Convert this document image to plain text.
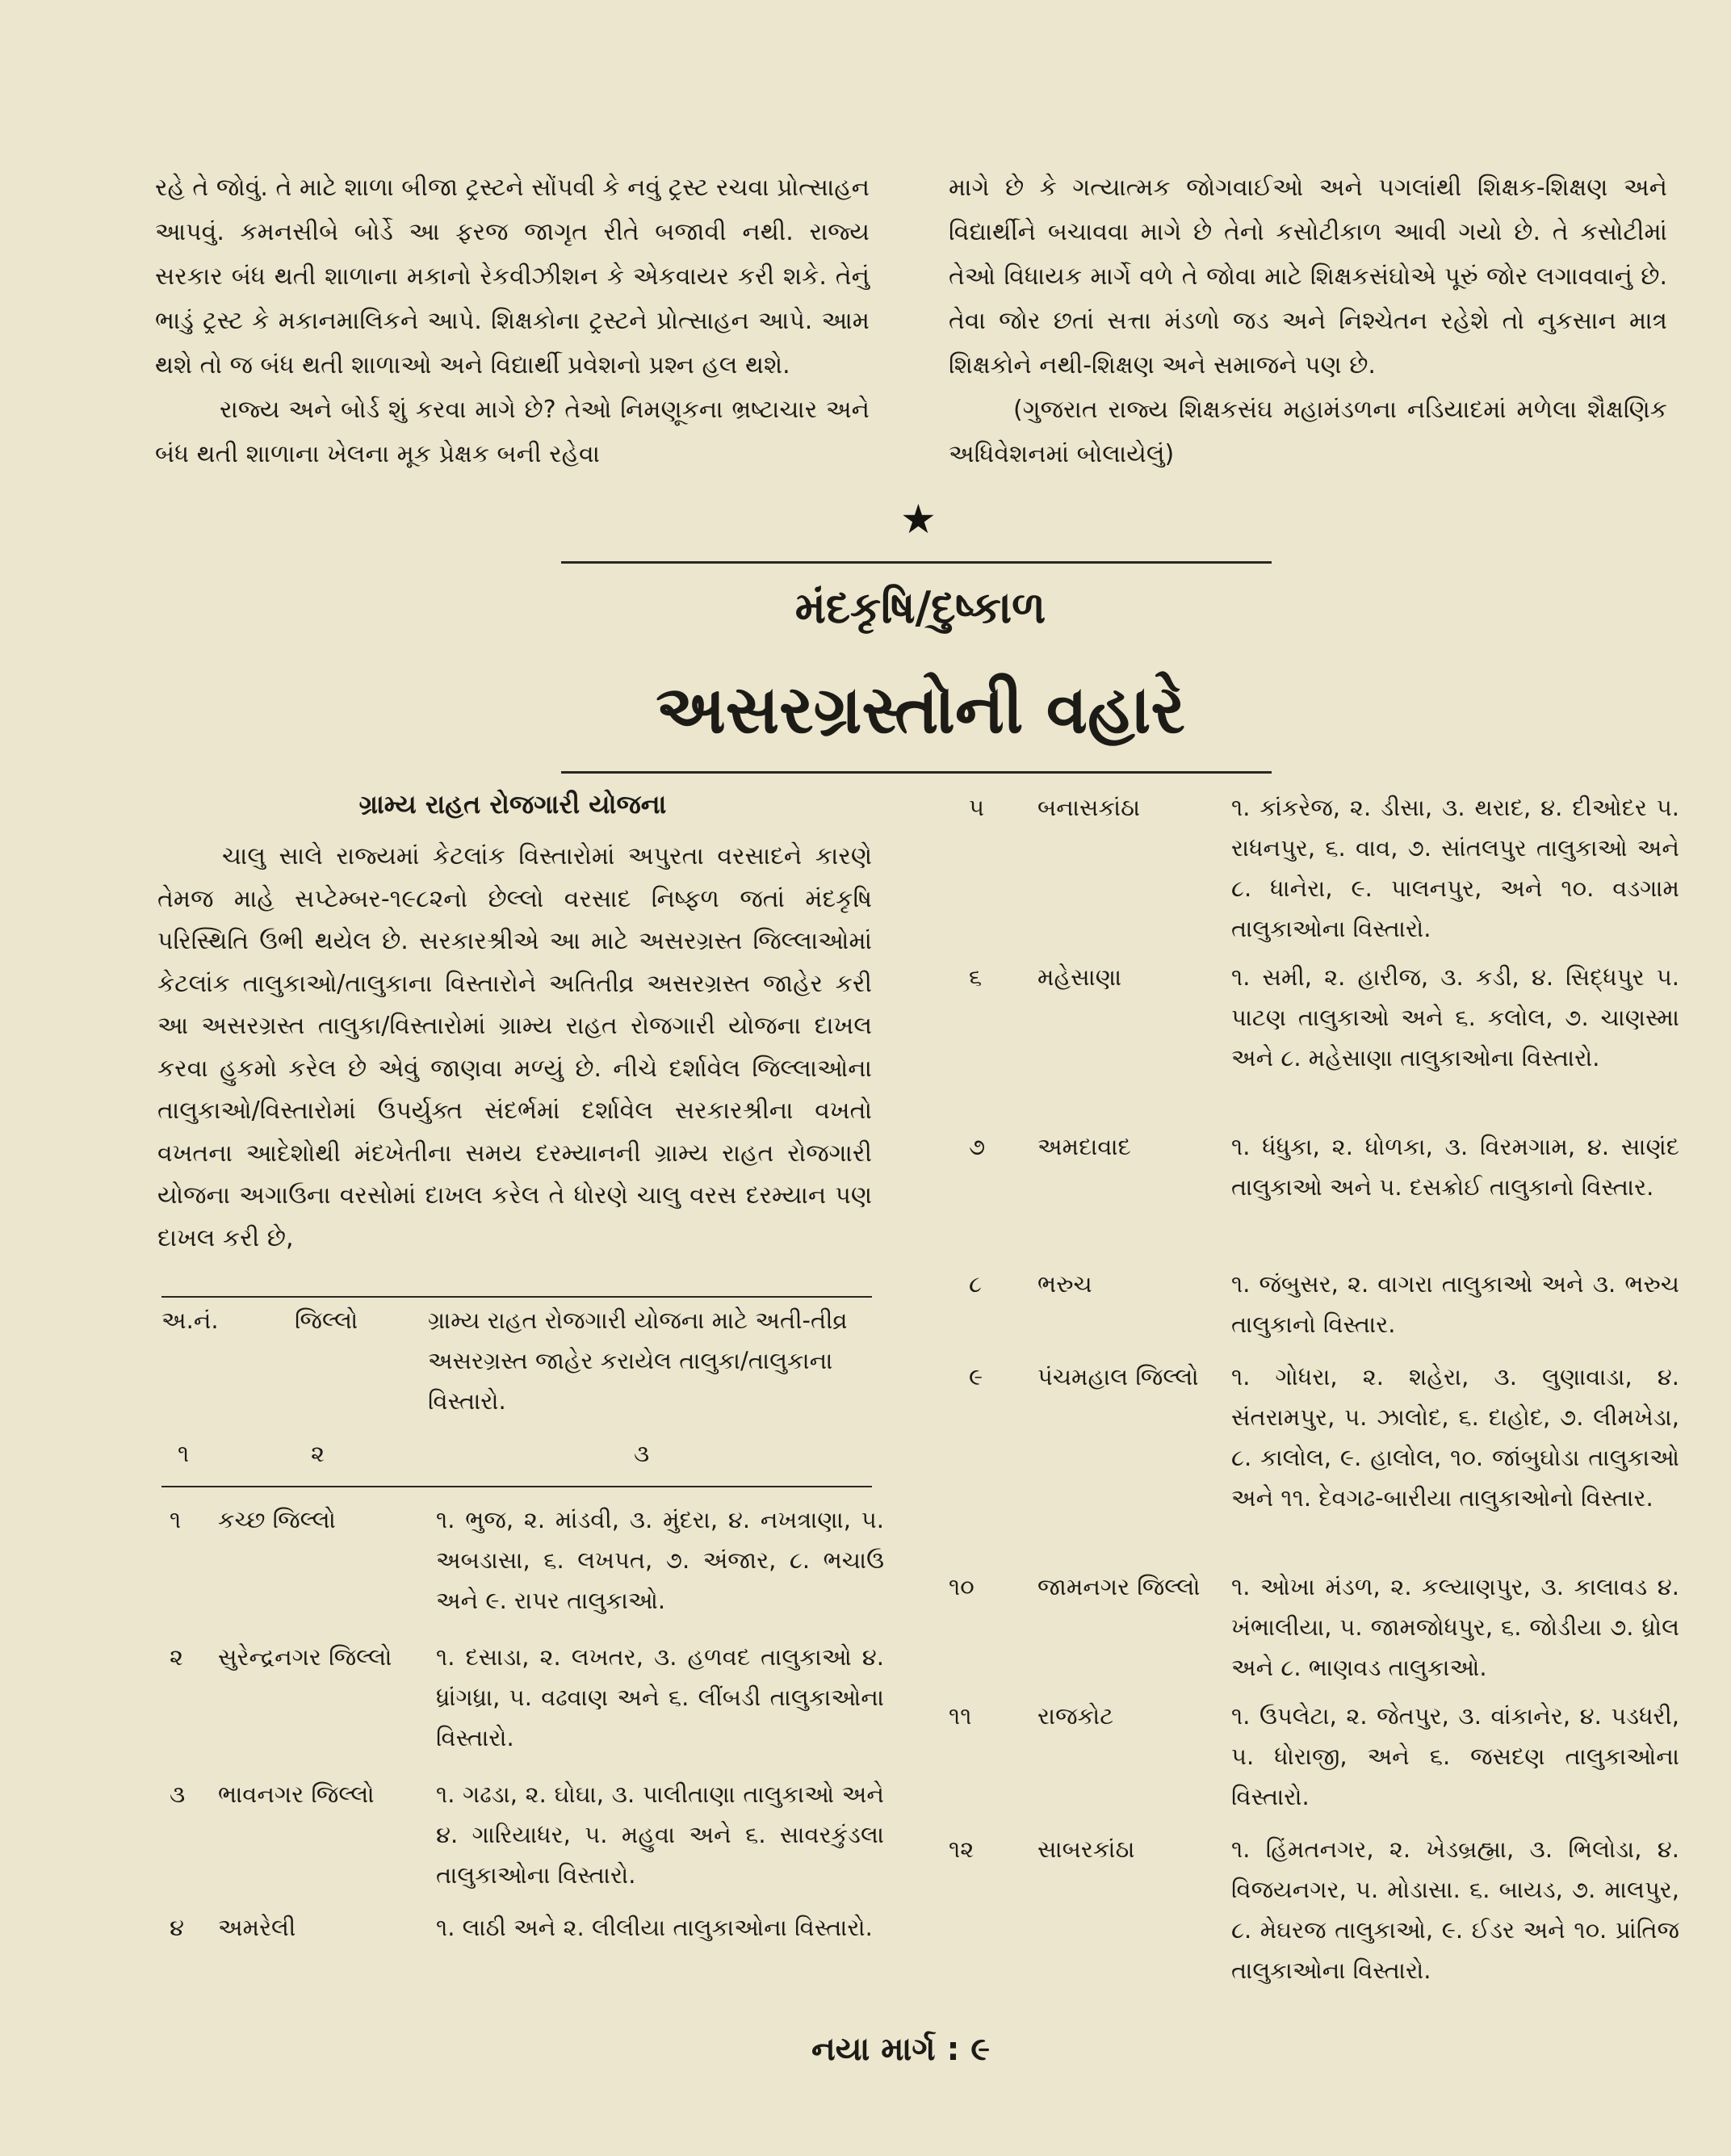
રહે તે જોવું. તે માટે શાળા બીજા ટ્રસ્ટને સોંપવી કે નવું ટ્રસ્ટ રચવા પ્રોત્સાહન આપવું. કમનસીબે બોર્ડે આ ફરજ જાગૃત રીતે બજાવી નથી. રાજ્ય સરકાર બંધ થતી શાળાના મકાનો રેકવીઝીશન કે એકવાયર કરી શકે. તેનું ભાડું ટ્રસ્ટ કે મકાનમાલિકને આપે. શિક્ષકોના ટ્રસ્ટને પ્રોત્સાહન આપે. આમ થશે તો જ બંધ થતી શાળાઓ અને વિદ્યાર્થી પ્રવેશનો પ્રશ્ન હલ થશે.

રાજ્ય અને બોર્ડ શું કરવા માગે છે? તેઓ નિમણૂકના ભ્રષ્ટાચાર અને બંધ થતી શાળાના ખેલના મૂક પ્રેક્ષક બની રહેવા

માગે છે કે ગત્યાત્મક જોગવાઈઓ અને પગલાંથી શિક્ષક-શિક્ષણ અને વિદ્યાર્થીને બચાવવા માગે છે તેનો કસોટીકાળ આવી ગયો છે. તે કસોટીમાં તેઓ વિધાયક માર્ગે વળે તે જોવા માટે શિક્ષકસંઘોએ પૂરું જોર લગાવવાનું છે. તેવા જોર છતાં સત્તા મંડળો જડ અને નિશ્ચેતન રહેશે તો નુકસાન માત્ર શિક્ષકોને નથી-શિક્ષણ અને સમાજને પણ છે.

(ગુજરાત રાજ્ય શિક્ષકસંઘ મહામંડળના નડિયાદમાં મળેલા શૈક્ષણિક અધિવેશનમાં બોલાયેલું)

★
મંદકૃષિ/દુષ્કાળ
અસરગ્રસ્તોની વહારે
ગ્રામ્ય રાહત રોજગારી યોજના

ચાલુ સાલે રાજ્યમાં કેટલાંક વિસ્તારોમાં અપુરતા વરસાદને કારણે તેમજ માહે સપ્ટેમ્બર-૧૯૮૨નો છેલ્લો વરસાદ નિષ્ફળ જતાં મંદકૃષિ પરિસ્થિતિ ઉભી થયેલ છે. સરકારશ્રીએ આ માટે અસરગ્રસ્ત જિલ્લાઓમાં કેટલાંક તાલુકાઓ/તાલુકાના વિસ્તારોને અતિતીવ્ર અસરગ્રસ્ત જાહેર કરી આ અસરગ્રસ્ત તાલુકા/વિસ્તારોમાં ગ્રામ્ય રાહત રોજગારી યોજના દાખલ કરવા હુકમો કરેલ છે એવું જાણવા મળ્યું છે. નીચે દર્શાવેલ જિલ્લાઓના તાલુકાઓ/વિસ્તારોમાં ઉપર્યુક્ત સંદર્ભમાં દર્શાવેલ સરકારશ્રીના વખતો વખતના આદેશોથી મંદખેતીના સમય દરમ્યાનની ગ્રામ્ય રાહત રોજગારી યોજના અગાઉના વરસોમાં દાખલ કરેલ તે ધોરણે ચાલુ વરસ દરમ્યાન પણ દાખલ કરી છે,

અ.નં.	જિલ્લો	ગ્રામ્ય રાહત રોજગારી યોજના માટે અતી-તીવ્ર અસરગ્રસ્ત જાહેર કરાયેલ તાલુકા/તાલુકાના વિસ્તારો.
૧	૨	૩
૧	કચ્છ જિલ્લો	૧. ભુજ, ૨. માંડવી, ૩. મુંદરા, ૪. નખત્રાણા, ૫. અબડાસા, ૬. લખપત, ૭. અંજાર, ૮. ભચાઉ અને ૯. રાપર તાલુકાઓ.
૨	સુરેન્દ્રનગર જિલ્લો	૧. દસાડા, ૨. લખતર, ૩. હળવદ તાલુકાઓ ૪. ધ્રાંગધ્રા, ૫. વઢવાણ અને ૬. લીંબડી તાલુકાઓના વિસ્તારો.
૩	ભાવનગર જિલ્લો	૧. ગઢડા, ૨. ઘોઘા, ૩. પાલીતાણા તાલુકાઓ અને ૪. ગારિયાધર, ૫. મહુવા અને ૬. સાવરકુંડલા તાલુકાઓના વિસ્તારો.
૪	અમરેલી	૧. લાઠી અને ૨. લીલીયા તાલુકાઓના વિસ્તારો.
૫	બનાસકાંઠા	૧. કાંકરેજ, ૨. ડીસા, ૩. થરાદ, ૪. દીઓદર ૫. રાધનપુર, ૬. વાવ, ૭. સાંતલપુર તાલુકાઓ અને ૮. ધાનેરા, ૯. પાલનપુર, અને ૧૦. વડગામ તાલુકાઓના વિસ્તારો.
૬	મહેસાણા	૧. સમી, ૨. હારીજ, ૩. કડી, ૪. સિદ્ધપુર ૫. પાટણ તાલુકાઓ અને ૬. કલોલ, ૭. ચાણસ્મા અને ૮. મહેસાણા તાલુકાઓના વિસ્તારો.
૭	અમદાવાદ	૧. ધંધુકા, ૨. ધોળકા, ૩. વિરમગામ, ૪. સાણંદ તાલુકાઓ અને ૫. દસક્રોઈ તાલુકાનો વિસ્તાર.
૮	ભરુચ	૧. જંબુસર, ૨. વાગરા તાલુકાઓ અને ૩. ભરુચ તાલુકાનો વિસ્તાર.
૯	પંચમહાલ જિલ્લો	૧. ગોધરા, ૨. શહેરા, ૩. લુણાવાડા, ૪. સંતરામપુર, ૫. ઝાલોદ, ૬. દાહોદ, ૭. લીમખેડા, ૮. કાલોલ, ૯. હાલોલ, ૧૦. જાંબુઘોડા તાલુકાઓ અને ૧૧. દેવગઢ-બારીયા તાલુકાઓનો વિસ્તાર.
૧૦	જામનગર જિલ્લો	૧. ઓખા મંડળ, ૨. કલ્યાણપુર, ૩. કાલાવડ ૪. ખંભાલીયા, ૫. જામજોધપુર, ૬. જોડીયા ૭. ધ્રોલ અને ૮. ભાણવડ તાલુકાઓ.
૧૧	રાજકોટ	૧. ઉપલેટા, ૨. જેતપુર, ૩. વાંકાનેર, ૪. પડધરી, ૫. ધોરાજી, અને ૬. જસદણ તાલુકાઓના વિસ્તારો.
૧૨	સાબરકાંઠા	૧. હિંમતનગર, ૨. ખેડબ્રહ્મા, ૩. ભિલોડા, ૪. વિજયનગર, ૫. મોડાસા. ૬. બાયડ, ૭. માલપુર, ૮. મેઘરજ તાલુકાઓ, ૯. ઈડર અને ૧૦. પ્રાંતિજ તાલુકાઓના વિસ્તારો.
નયા માર્ગ : ૯
